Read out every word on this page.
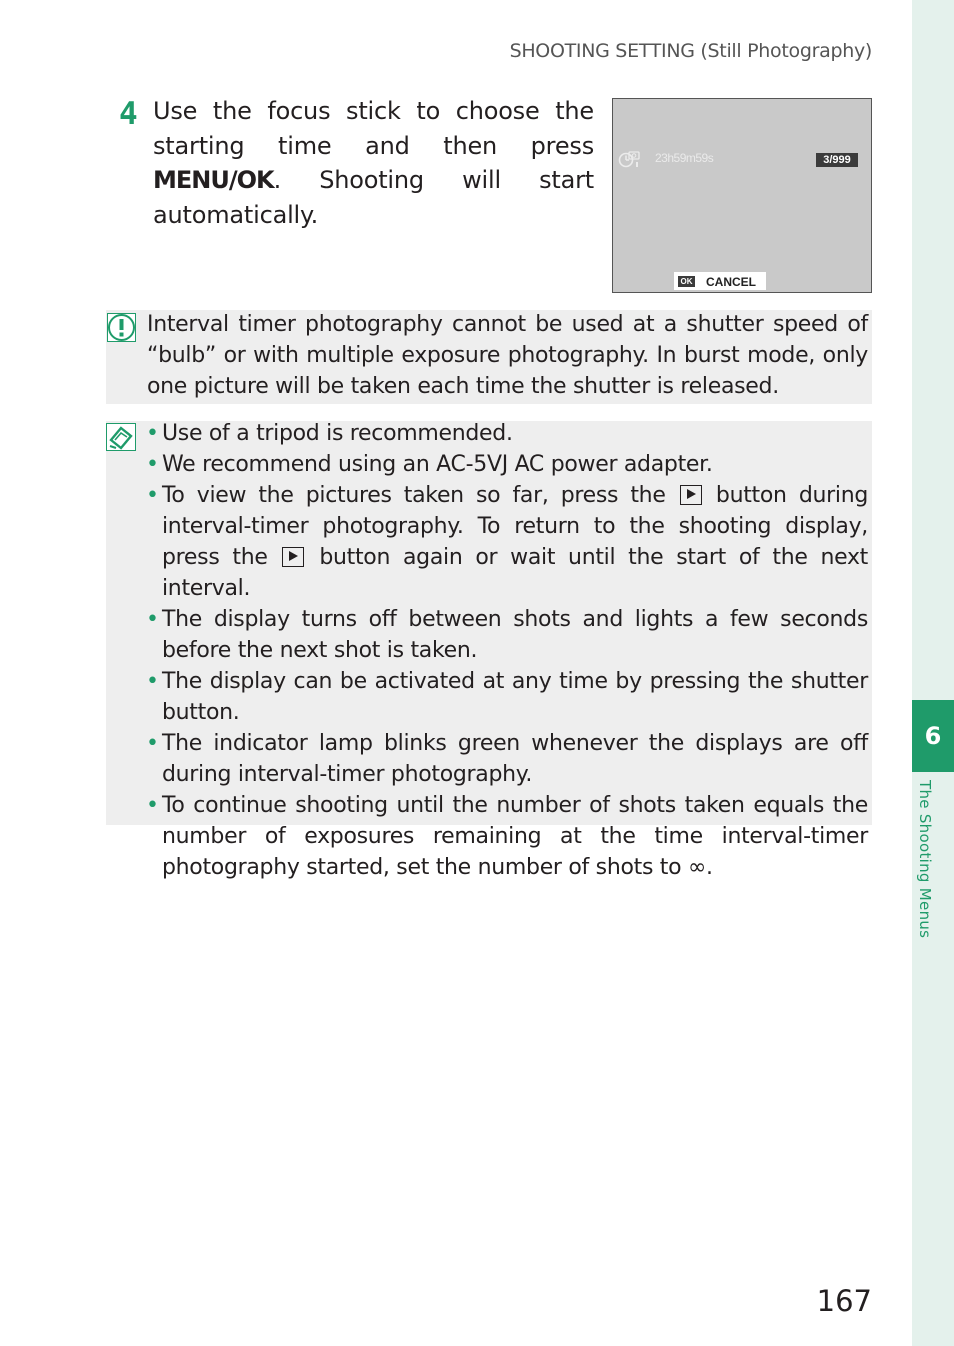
SHOOTING SETTING (Still Photography)
6
The Shooting Menus
4 Use the focus stick to choose the starting time and then press MENU/OK. Shooting will start automatically.
23h59m59s	3/999
OK CANCEL
Interval timer photography cannot be used at a shutter speed of “bulb” or with multiple exposure photography. In burst mode, only one picture will be taken each time the shutter is released.
• Use of a tripod is recommended.
• We recommend using an AC-5VJ AC power adapter.
• To view the pictures taken so far, press the  button during interval-timer photography. To return to the shooting display, press the  button again or wait until the start of the next interval.
• The display turns off between shots and lights a few seconds before the next shot is taken.
• The display can be activated at any time by pressing the shutter button.
• The indicator lamp blinks green whenever the displays are off during interval-timer photography.
• To continue shooting until the number of shots taken equals the number of exposures remaining at the time interval-timer photography started, set the number of shots to ∞.
167
